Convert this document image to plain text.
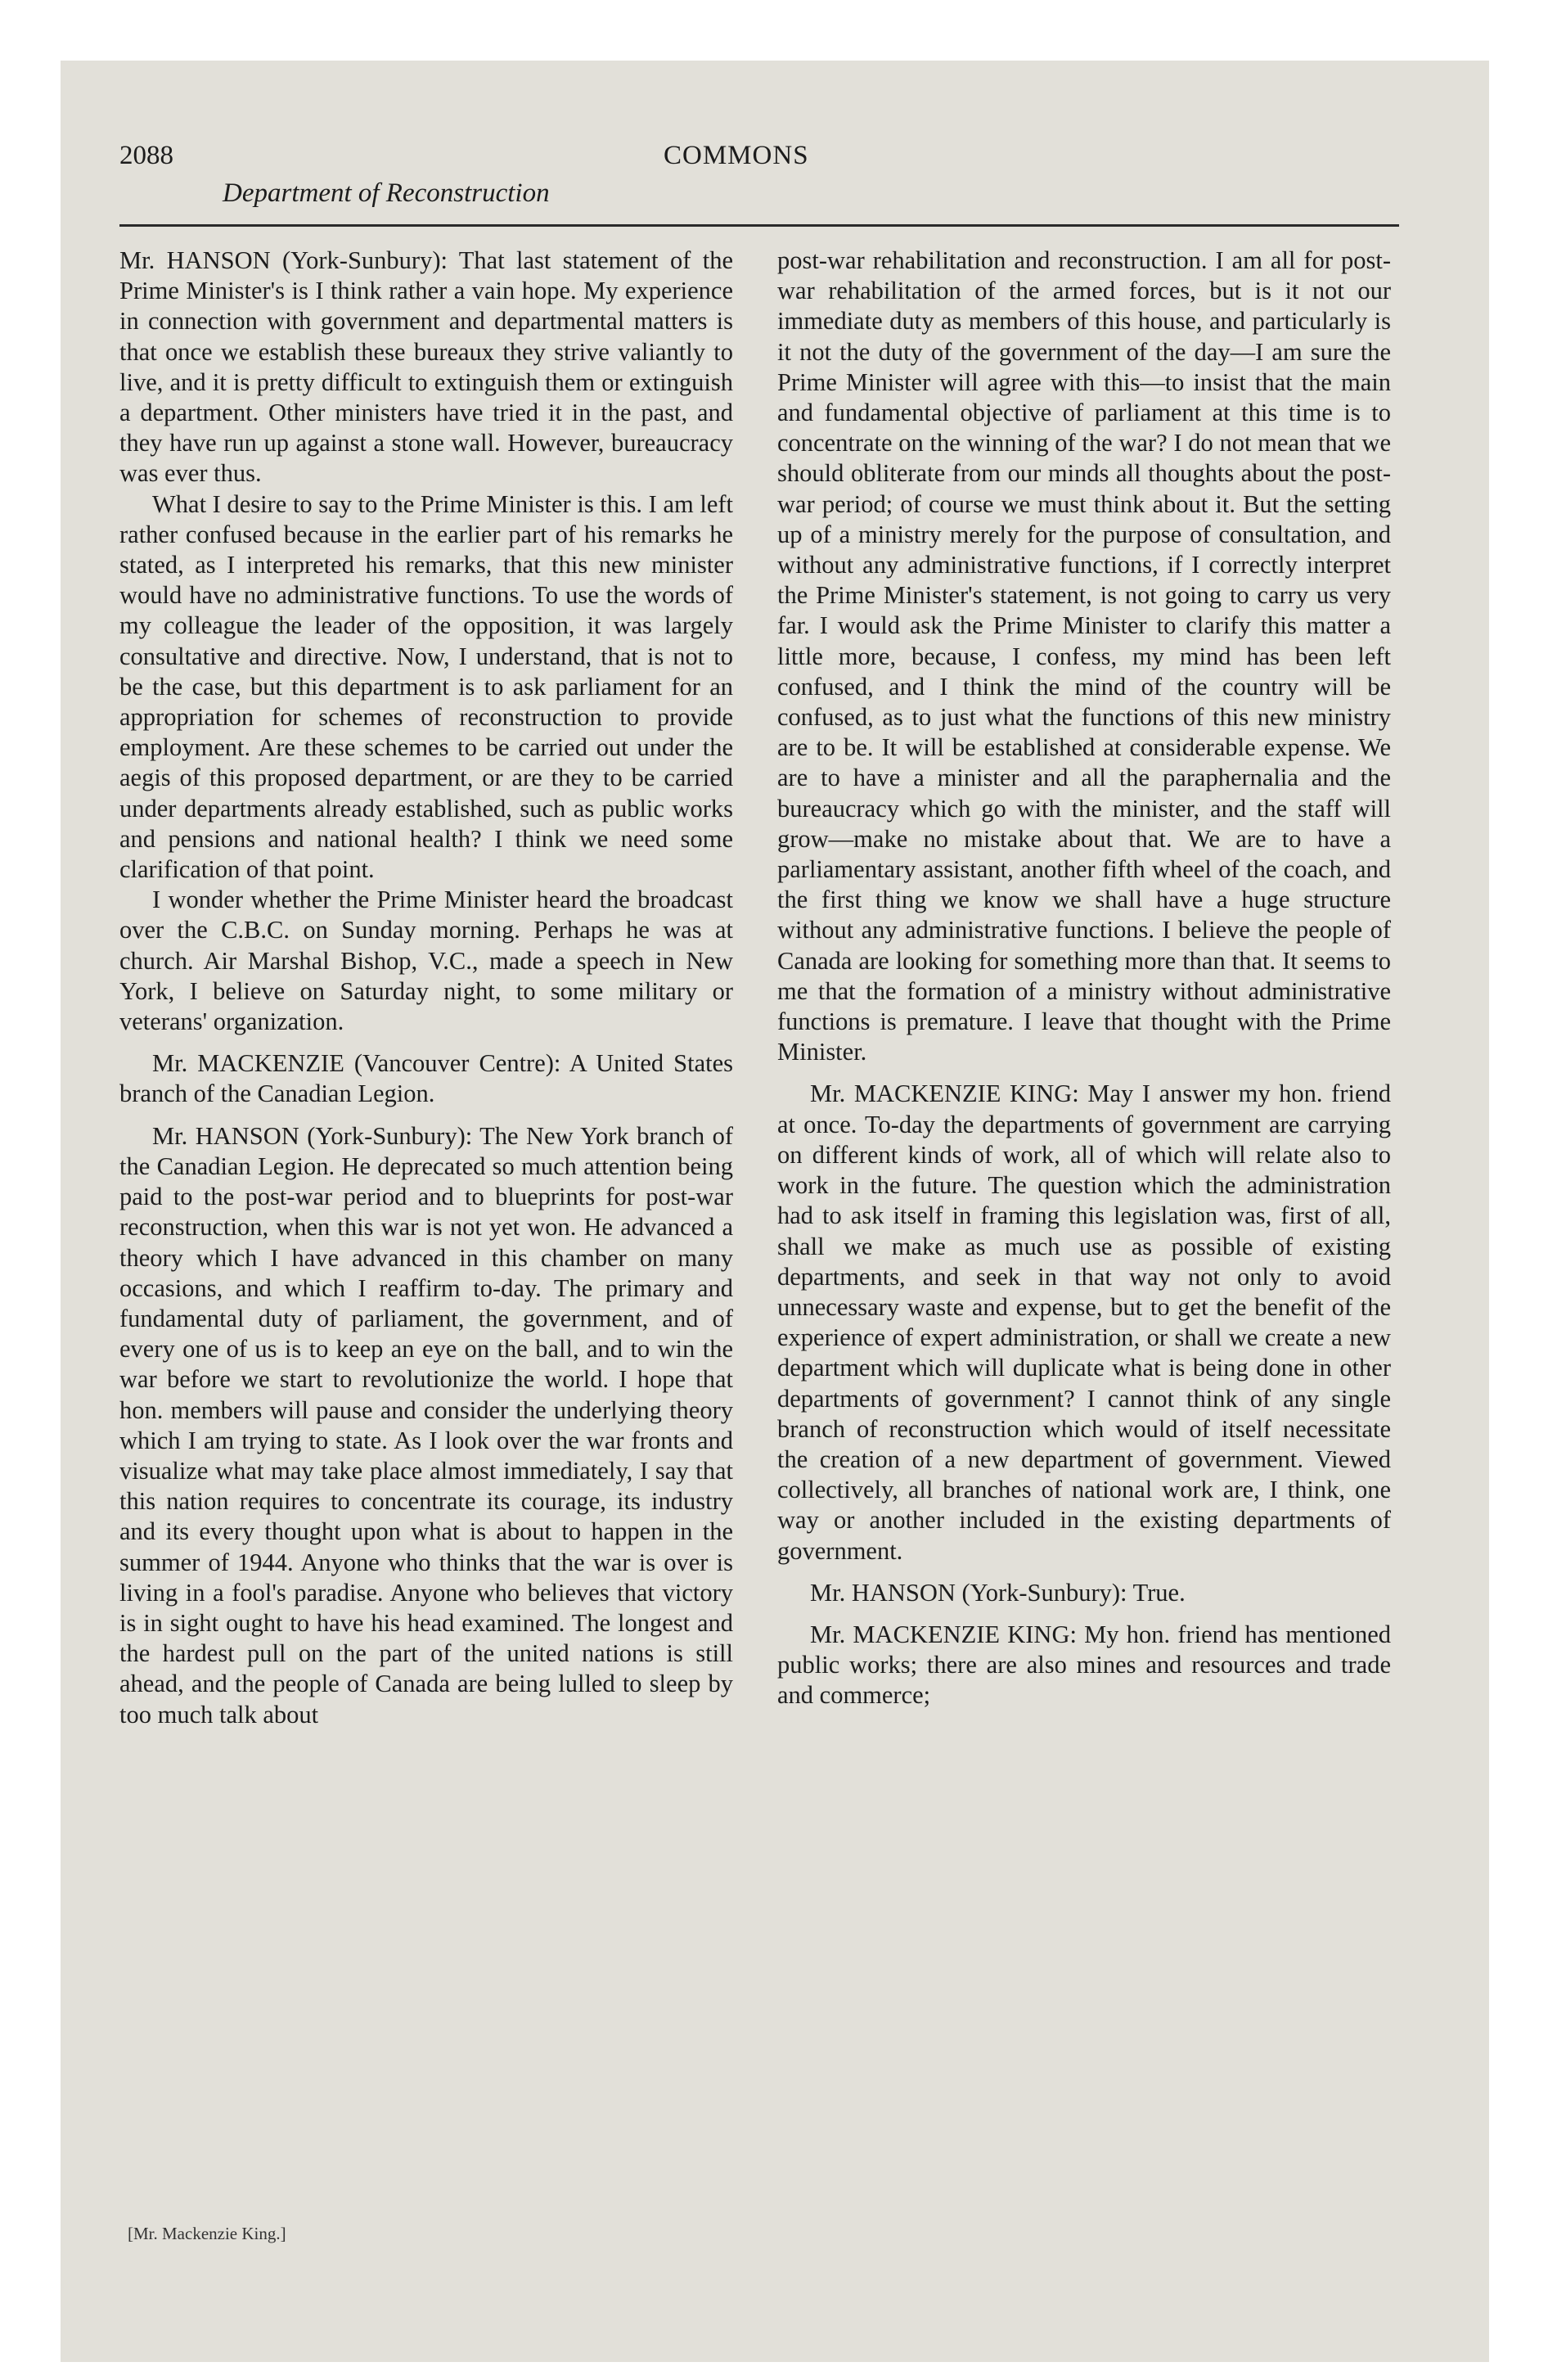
2088	COMMONS
Department of Reconstruction

Mr. HANSON (York-Sunbury): That last statement of the Prime Minister's is I think rather a vain hope. My experience in connection with government and departmental matters is that once we establish these bureaux they strive valiantly to live, and it is pretty difficult to extinguish them or extinguish a department. Other ministers have tried it in the past, and they have run up against a stone wall. However, bureaucracy was ever thus.

What I desire to say to the Prime Minister is this. I am left rather confused because in the earlier part of his remarks he stated, as I interpreted his remarks, that this new minister would have no administrative functions. To use the words of my colleague the leader of the opposition, it was largely consultative and directive. Now, I understand, that is not to be the case, but this department is to ask parliament for an appropriation for schemes of reconstruction to provide employment. Are these schemes to be carried out under the aegis of this proposed department, or are they to be carried under departments already established, such as public works and pensions and national health? I think we need some clarification of that point.

I wonder whether the Prime Minister heard the broadcast over the C.B.C. on Sunday morning. Perhaps he was at church. Air Marshal Bishop, V.C., made a speech in New York, I believe on Saturday night, to some military or veterans' organization.

Mr. MACKENZIE (Vancouver Centre): A United States branch of the Canadian Legion.

Mr. HANSON (York-Sunbury): The New York branch of the Canadian Legion. He deprecated so much attention being paid to the post-war period and to blueprints for post-war reconstruction, when this war is not yet won. He advanced a theory which I have advanced in this chamber on many occasions, and which I reaffirm to-day. The primary and fundamental duty of parliament, the government, and of every one of us is to keep an eye on the ball, and to win the war before we start to revolutionize the world. I hope that hon. members will pause and consider the underlying theory which I am trying to state. As I look over the war fronts and visualize what may take place almost immediately, I say that this nation requires to concentrate its courage, its industry and its every thought upon what is about to happen in the summer of 1944. Anyone who thinks that the war is over is living in a fool's paradise. Anyone who believes that victory is in sight ought to have his head examined. The longest and the hardest pull on the part of the united nations is still ahead, and the people of Canada are being lulled to sleep by too much talk about

post-war rehabilitation and reconstruction. I am all for post-war rehabilitation of the armed forces, but is it not our immediate duty as members of this house, and particularly is it not the duty of the government of the day—I am sure the Prime Minister will agree with this—to insist that the main and fundamental objective of parliament at this time is to concentrate on the winning of the war? I do not mean that we should obliterate from our minds all thoughts about the post-war period; of course we must think about it. But the setting up of a ministry merely for the purpose of consultation, and without any administrative functions, if I correctly interpret the Prime Minister's statement, is not going to carry us very far. I would ask the Prime Minister to clarify this matter a little more, because, I confess, my mind has been left confused, and I think the mind of the country will be confused, as to just what the functions of this new ministry are to be. It will be established at considerable expense. We are to have a minister and all the paraphernalia and the bureaucracy which go with the minister, and the staff will grow—make no mistake about that. We are to have a parliamentary assistant, another fifth wheel of the coach, and the first thing we know we shall have a huge structure without any administrative functions. I believe the people of Canada are looking for something more than that. It seems to me that the formation of a ministry without administrative functions is premature. I leave that thought with the Prime Minister.

Mr. MACKENZIE KING: May I answer my hon. friend at once. To-day the departments of government are carrying on different kinds of work, all of which will relate also to work in the future. The question which the administration had to ask itself in framing this legislation was, first of all, shall we make as much use as possible of existing departments, and seek in that way not only to avoid unnecessary waste and expense, but to get the benefit of the experience of expert administration, or shall we create a new department which will duplicate what is being done in other departments of government? I cannot think of any single branch of reconstruction which would of itself necessitate the creation of a new department of government. Viewed collectively, all branches of national work are, I think, one way or another included in the existing departments of government.

Mr. HANSON (York-Sunbury): True.

Mr. MACKENZIE KING: My hon. friend has mentioned public works; there are also mines and resources and trade and commerce;

[Mr. Mackenzie King.]
